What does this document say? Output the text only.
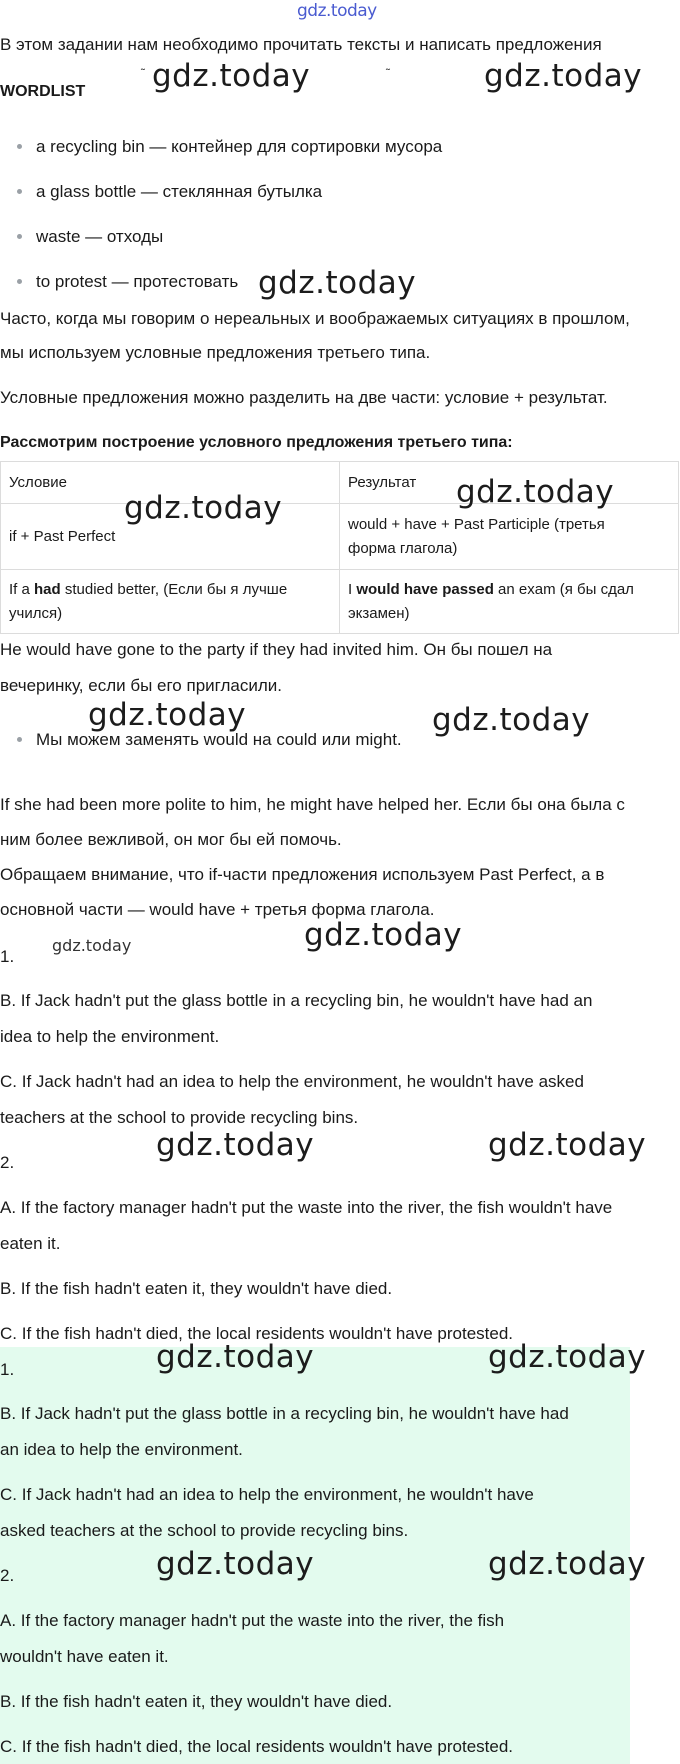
gdz.today

В этом задании нам необходимо прочитать тексты и написать предложения

WORDLIST

a recycling bin — контейнер для сортировки мусора
a glass bottle — стеклянная бутылка
waste — отходы
to protest — протестовать

Часто, когда мы говорим о нереальных и воображаемых ситуациях в прошлом,

мы используем условные предложения третьего типа.

Условные предложения можно разделить на две части: условие + результат.

Рассмотрим построение условного предложения третьего типа:

Условие	Результат
if + Past Perfect	would + have + Past Participle (третья
форма глагола)
If a had studied better, (Если бы я лучше
учился)	I would have passed an exam (я бы сдал
экзамен)

He would have gone to the party if they had invited him. Он бы пошел на

вечеринку, если бы его пригласили.

Мы можем заменять would на could или might.

If she had been more polite to him, he might have helped her. Если бы она была с

ним более вежливой, он мог бы ей помочь.

Обращаем внимание, что if-части предложения используем Past Perfect, а в

основной части — would have + третья форма глагола.

1.

B. If Jack hadn't put the glass bottle in a recycling bin, he wouldn't have had an

idea to help the environment.

C. If Jack hadn't had an idea to help the environment, he wouldn't have asked

teachers at the school to provide recycling bins.

2.

A. If the factory manager hadn't put the waste into the river, the fish wouldn't have

eaten it.

B. If the fish hadn't eaten it, they wouldn't have died.

C. If the fish hadn't died, the local residents wouldn't have protested.

1.

B. If Jack hadn't put the glass bottle in a recycling bin, he wouldn't have had

an idea to help the environment.

C. If Jack hadn't had an idea to help the environment, he wouldn't have

asked teachers at the school to provide recycling bins.

2.

A. If the factory manager hadn't put the waste into the river, the fish

wouldn't have eaten it.

B. If the fish hadn't eaten it, they wouldn't have died.

C. If the fish hadn't died, the local residents wouldn't have protested.

˜	˜
gdz.today	gdz.today
gdz.today
gdz.today
gdz.today
gdz.today	gdz.today
gdz.today	gdz.today
gdz.today	gdz.today
gdz.today	gdz.today
gdz.today	gdz.today
